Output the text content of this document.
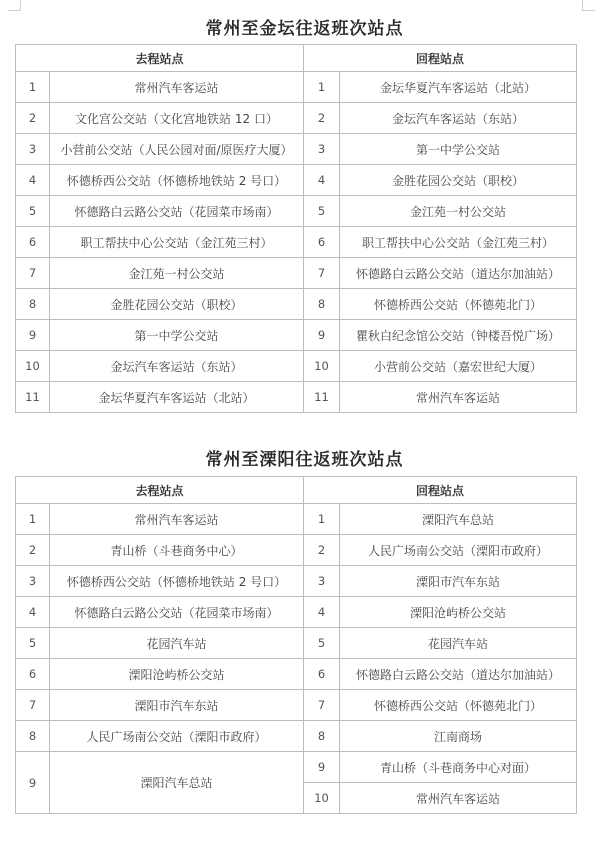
常州至金坛往返班次站点
去程站点		回程站点	
1	常州汽车客运站	1	金坛华夏汽车客运站（北站）
2	文化宫公交站（文化宫地铁站 12 口）	2	金坛汽车客运站（东站）
3	小营前公交站（人民公园对面/原医疗大厦）	3	第一中学公交站
4	怀德桥西公交站（怀德桥地铁站 2 号口）	4	金胜花园公交站（职校）
5	怀德路白云路公交站（花园菜市场南）	5	金江苑一村公交站
6	职工帮扶中心公交站（金江苑三村）	6	职工帮扶中心公交站（金江苑三村）
7	金江苑一村公交站	7	怀德路白云路公交站（道达尔加油站）
8	金胜花园公交站（职校）	8	怀德桥西公交站（怀德苑北门）
9	第一中学公交站	9	瞿秋白纪念馆公交站（钟楼吾悦广场）
10	金坛汽车客运站（东站）	10	小营前公交站（嘉宏世纪大厦）
11	金坛华夏汽车客运站（北站）	11	常州汽车客运站
常州至溧阳往返班次站点
去程站点		回程站点	
1	常州汽车客运站	1	溧阳汽车总站
2	青山桥（斗巷商务中心）	2	人民广场南公交站（溧阳市政府）
3	怀德桥西公交站（怀德桥地铁站 2 号口）	3	溧阳市汽车东站
4	怀德路白云路公交站（花园菜市场南）	4	溧阳沧屿桥公交站
5	花园汽车站	5	花园汽车站
6	溧阳沧屿桥公交站	6	怀德路白云路公交站（道达尔加油站）
7	溧阳市汽车东站	7	怀德桥西公交站（怀德苑北门）
8	人民广场南公交站（溧阳市政府）	8	江南商场
9	溧阳汽车总站	9	青山桥（斗巷商务中心对面）
		10	常州汽车客运站
